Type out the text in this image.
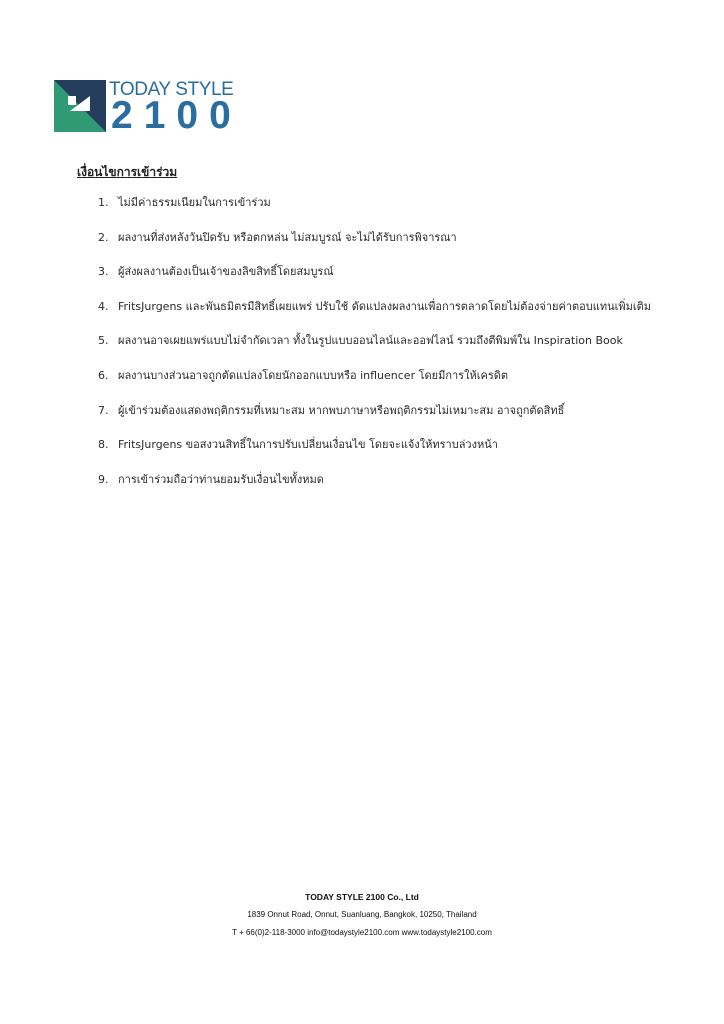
TODAY STYLE
2100
เงื่อนไขการเข้าร่วม
1. ไม่มีค่าธรรมเนียมในการเข้าร่วม
2. ผลงานที่ส่งหลังวันปิดรับ หรือตกหล่น ไม่สมบูรณ์ จะไม่ได้รับการพิจารณา
3. ผู้ส่งผลงานต้องเป็นเจ้าของลิขสิทธิ์โดยสมบูรณ์
4. FritsJurgens และพันธมิตรมีสิทธิ์เผยแพร่ ปรับใช้ ดัดแปลงผลงานเพื่อการตลาดโดยไม่ต้องจ่ายค่าตอบแทนเพิ่มเติม
5. ผลงานอาจเผยแพร่แบบไม่จำกัดเวลา ทั้งในรูปแบบออนไลน์และออฟไลน์ รวมถึงตีพิมพ์ใน Inspiration Book
6. ผลงานบางส่วนอาจถูกตัดแปลงโดยนักออกแบบหรือ influencer โดยมีการให้เครดิต
7. ผู้เข้าร่วมต้องแสดงพฤติกรรมที่เหมาะสม หากพบภาษาหรือพฤติกรรมไม่เหมาะสม อาจถูกตัดสิทธิ์
8. FritsJurgens ขอสงวนสิทธิ์ในการปรับเปลี่ยนเงื่อนไข โดยจะแจ้งให้ทราบล่วงหน้า
9. การเข้าร่วมถือว่าท่านยอมรับเงื่อนไขทั้งหมด
TODAY STYLE 2100 Co., Ltd
1839 Onnut Road, Onnut, Suanluang, Bangkok, 10250, Thailand
T + 66(0)2-118-3000 info@todaystyle2100.com www.todaystyle2100.com
